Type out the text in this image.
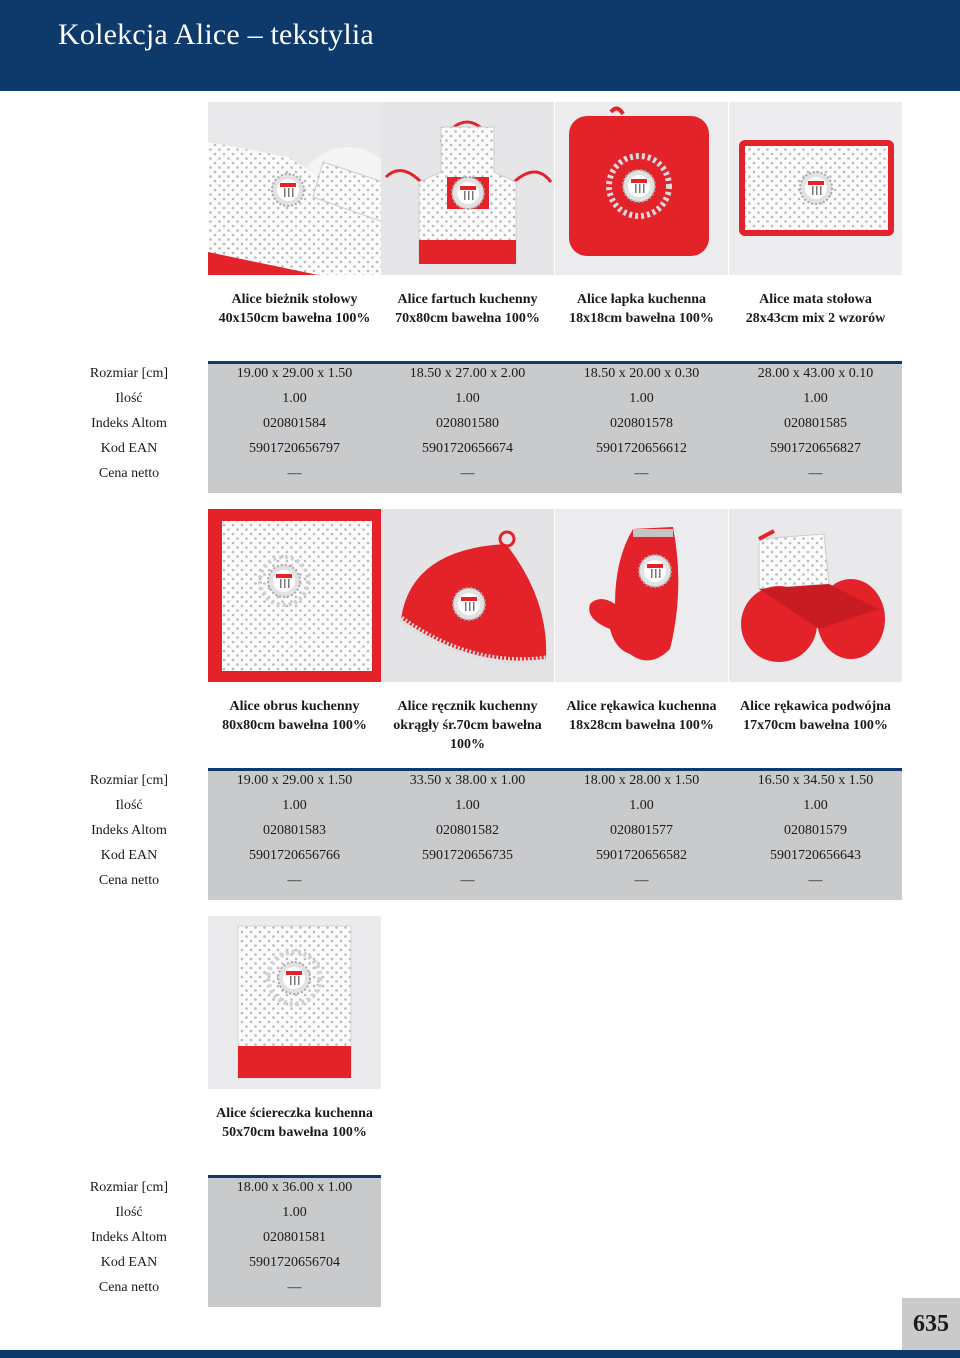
Kolekcja Alice – tekstylia
Alice bieżnik stołowy
40x150cm bawełna 100%
Alice fartuch kuchenny
70x80cm bawełna 100%
Alice łapka kuchenna
18x18cm bawełna 100%
Alice mata stołowa
28x43cm mix 2 wzorów
Rozmiar [cm]
Ilość
Indeks Altom
Kod EAN
Cena netto
19.00 x 29.00 x 1.50
1.00
020801584
5901720656797
—
18.50 x 27.00 x 2.00
1.00
020801580
5901720656674
—
18.50 x 20.00 x 0.30
1.00
020801578
5901720656612
—
28.00 x 43.00 x 0.10
1.00
020801585
5901720656827
—
Alice obrus kuchenny
80x80cm bawełna 100%
Alice ręcznik kuchenny
okrągły śr.70cm bawełna
100%
Alice rękawica kuchenna
18x28cm bawełna 100%
Alice rękawica podwójna
17x70cm bawełna 100%
Rozmiar [cm]
Ilość
Indeks Altom
Kod EAN
Cena netto
19.00 x 29.00 x 1.50
1.00
020801583
5901720656766
—
33.50 x 38.00 x 1.00
1.00
020801582
5901720656735
—
18.00 x 28.00 x 1.50
1.00
020801577
5901720656582
—
16.50 x 34.50 x 1.50
1.00
020801579
5901720656643
—
Alice ściereczka kuchenna
50x70cm bawełna 100%
Rozmiar [cm]
Ilość
Indeks Altom
Kod EAN
Cena netto
18.00 x 36.00 x 1.00
1.00
020801581
5901720656704
—
635
